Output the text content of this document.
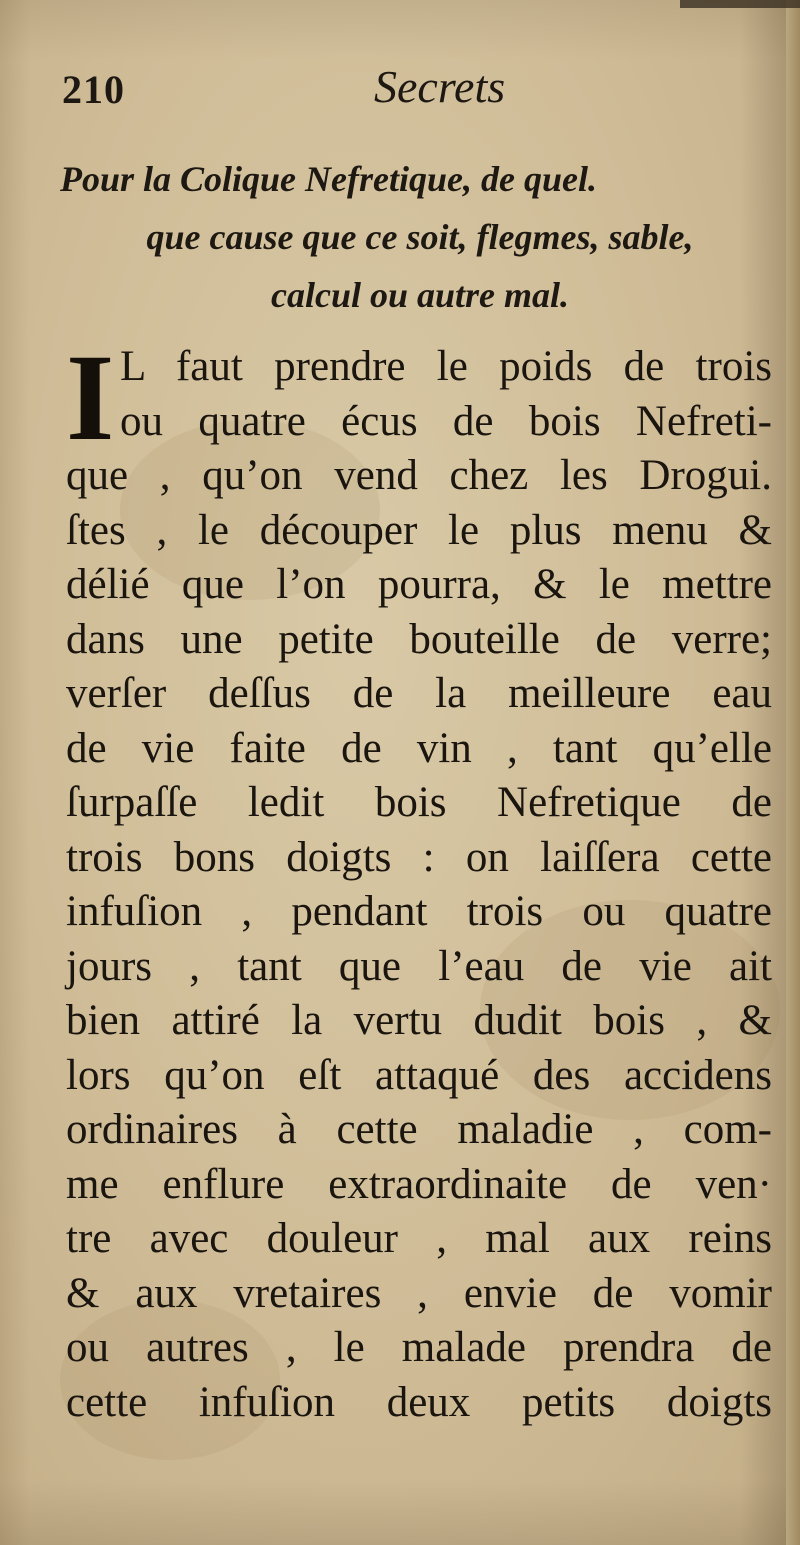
210	Secrets
Pour la Colique Nefretique, de quel.
que cause que ce soit, flegmes, sable,
calcul ou autre mal.
I L faut prendre le poids de trois
ou quatre écus de bois Nefreti-
que , qu’on vend chez les Drogui.
ſtes , le découper le plus menu &
délié que l’on pourra, & le mettre
dans une petite bouteille de verre;
verſer deſſus de la meilleure eau
de vie faite de vin , tant qu’elle
ſurpaſſe ledit bois Nefretique de
trois bons doigts : on laiſſera cette
infuſion , pendant trois ou quatre
jours , tant que l’eau de vie ait
bien attiré la vertu dudit bois , &
lors qu’on eſt attaqué des accidens
ordinaires à cette maladie , com-
me enflure extraordinaite de ven·
tre avec douleur , mal aux reins
& aux vretaires , envie de vomir
ou autres , le malade prendra de
cette infuſion deux petits doigts
